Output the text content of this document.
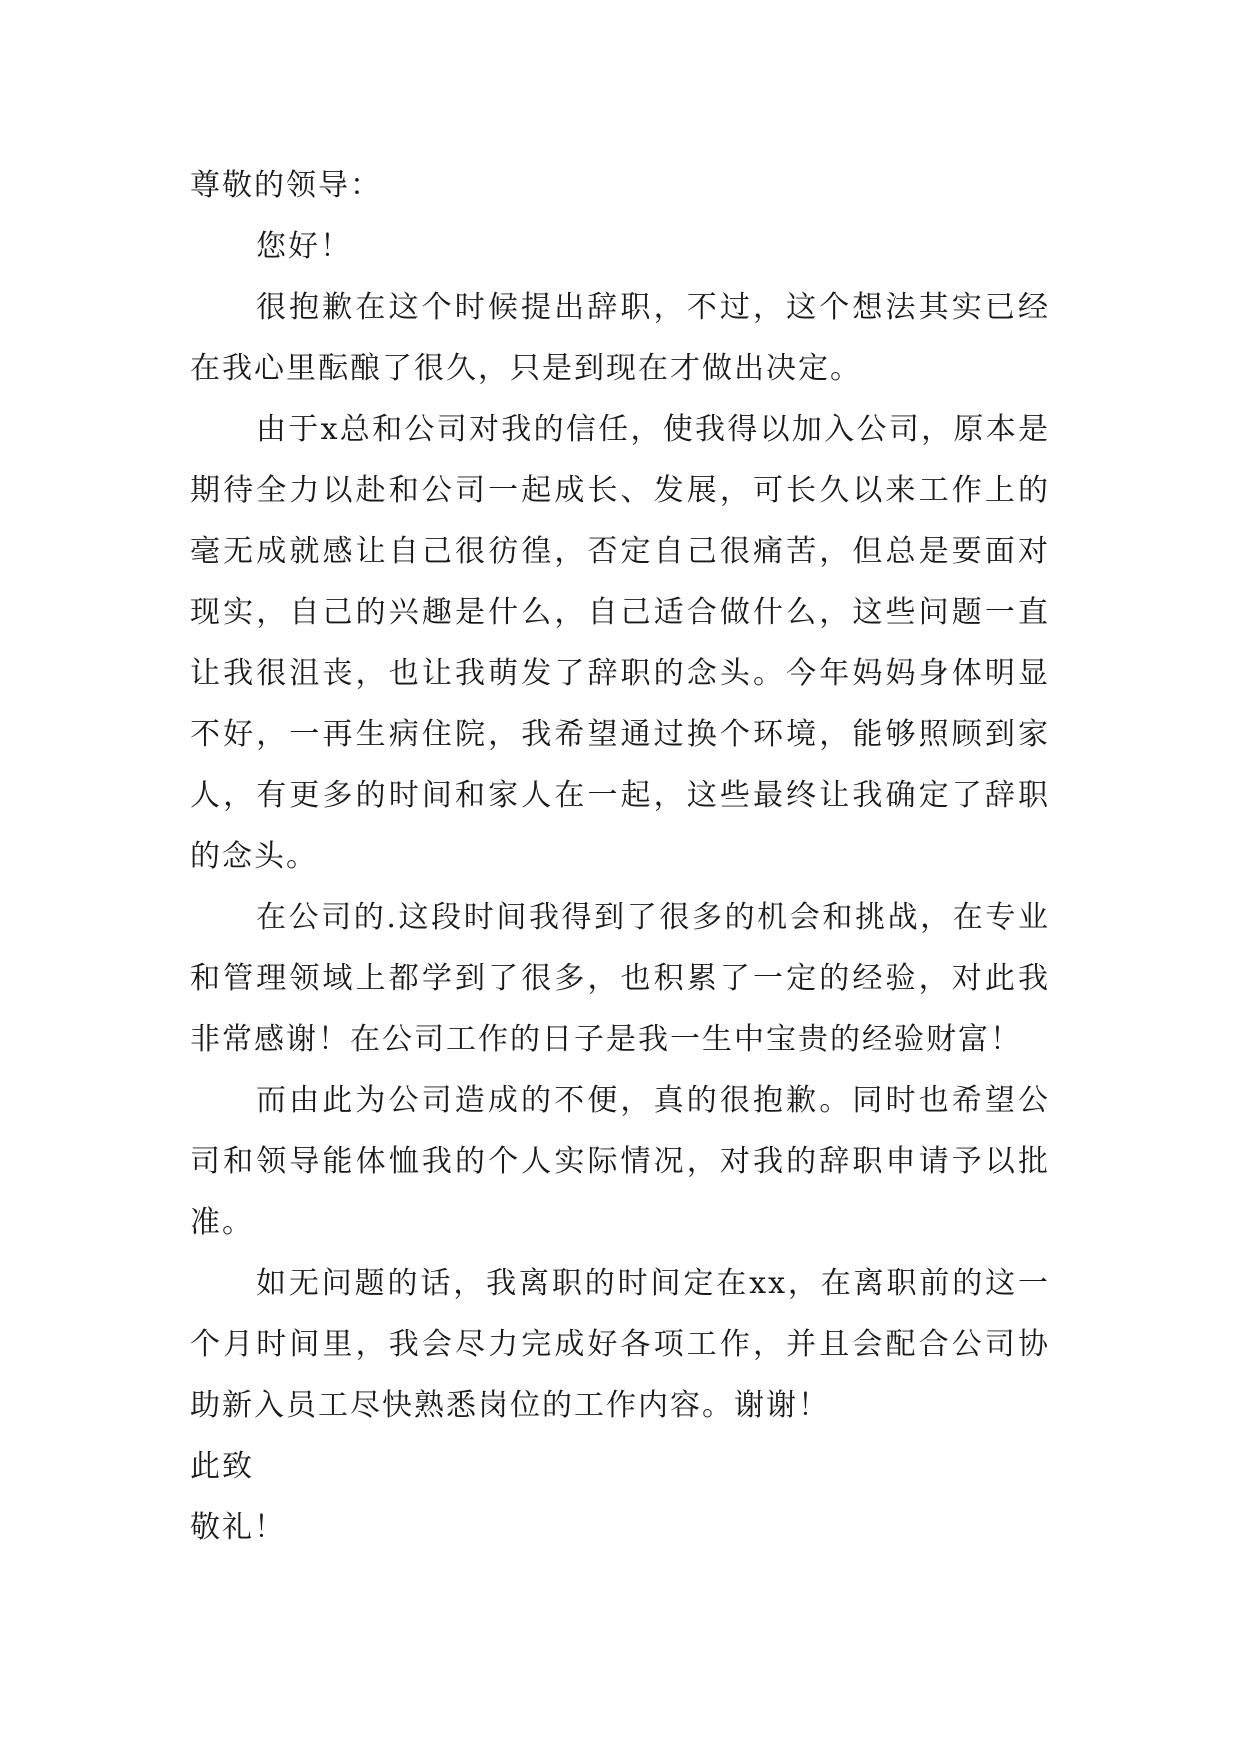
尊敬的领导：

您好！

很抱歉在这个时候提出辞职，不过，这个想法其实已经在我心里酝酿了很久，只是到现在才做出决定。

由于x总和公司对我的信任，使我得以加入公司，原本是期待全力以赴和公司一起成长、发展，可长久以来工作上的毫无成就感让自己很彷徨，否定自己很痛苦，但总是要面对现实，自己的兴趣是什么，自己适合做什么，这些问题一直让我很沮丧，也让我萌发了辞职的念头。今年妈妈身体明显不好，一再生病住院，我希望通过换个环境，能够照顾到家人，有更多的时间和家人在一起，这些最终让我确定了辞职的念头。

在公司的.这段时间我得到了很多的机会和挑战，在专业和管理领域上都学到了很多，也积累了一定的经验，对此我非常感谢！在公司工作的日子是我一生中宝贵的经验财富！

而由此为公司造成的不便，真的很抱歉。同时也希望公司和领导能体恤我的个人实际情况，对我的辞职申请予以批准。

如无问题的话，我离职的时间定在xx，在离职前的这一个月时间里，我会尽力完成好各项工作，并且会配合公司协助新入员工尽快熟悉岗位的工作内容。谢谢！

此致

敬礼！
